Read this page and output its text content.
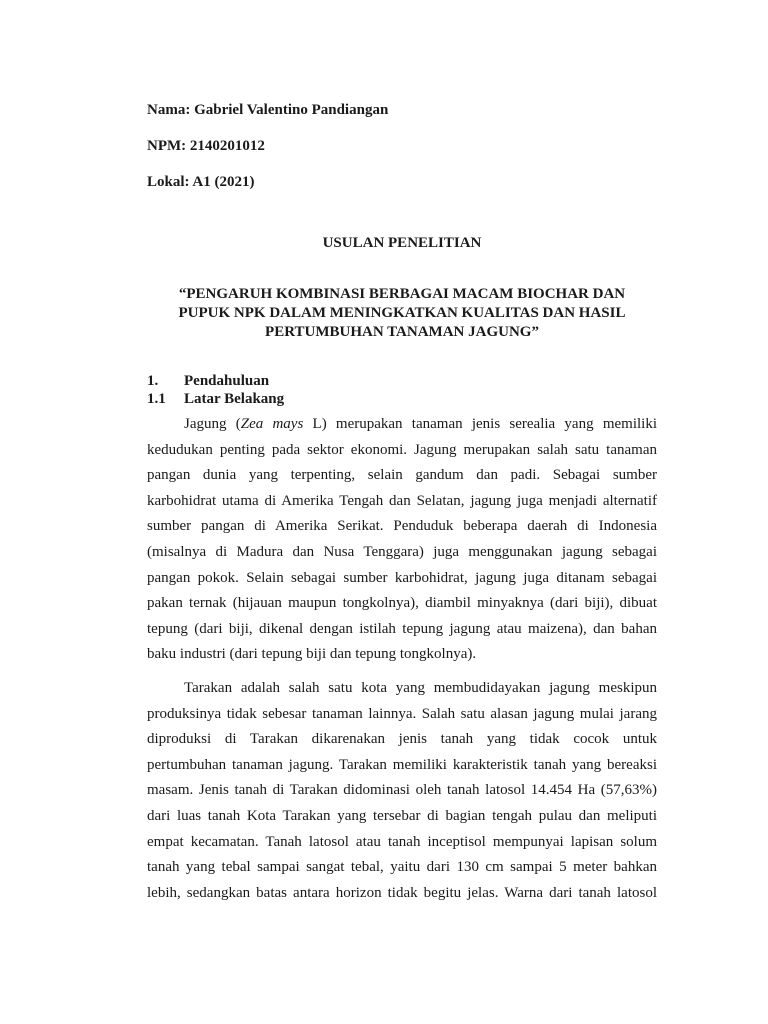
Nama: Gabriel Valentino Pandiangan
NPM: 2140201012
Lokal: A1 (2021)
USULAN PENELITIAN
“PENGARUH KOMBINASI BERBAGAI MACAM BIOCHAR DAN
PUPUK NPK DALAM MENINGKATKAN KUALITAS DAN HASIL
PERTUMBUHAN TANAMAN JAGUNG”
1. Pendahuluan
1.1 Latar Belakang
Jagung (Zea mays L) merupakan tanaman jenis serealia yang memiliki
kedudukan penting pada sektor ekonomi. Jagung merupakan salah satu tanaman
pangan dunia yang terpenting, selain gandum dan padi. Sebagai sumber
karbohidrat utama di Amerika Tengah dan Selatan, jagung juga menjadi alternatif
sumber pangan di Amerika Serikat. Penduduk beberapa daerah di Indonesia
(misalnya di Madura dan Nusa Tenggara) juga menggunakan jagung sebagai
pangan pokok. Selain sebagai sumber karbohidrat, jagung juga ditanam sebagai
pakan ternak (hijauan maupun tongkolnya), diambil minyaknya (dari biji), dibuat
tepung (dari biji, dikenal dengan istilah tepung jagung atau maizena), dan bahan
baku industri (dari tepung biji dan tepung tongkolnya).
Tarakan adalah salah satu kota yang membudidayakan jagung meskipun
produksinya tidak sebesar tanaman lainnya. Salah satu alasan jagung mulai jarang
diproduksi di Tarakan dikarenakan jenis tanah yang tidak cocok untuk
pertumbuhan tanaman jagung. Tarakan memiliki karakteristik tanah yang bereaksi
masam. Jenis tanah di Tarakan didominasi oleh tanah latosol 14.454 Ha (57,63%)
dari luas tanah Kota Tarakan yang tersebar di bagian tengah pulau dan meliputi
empat kecamatan. Tanah latosol atau tanah inceptisol mempunyai lapisan solum
tanah yang tebal sampai sangat tebal, yaitu dari 130 cm sampai 5 meter bahkan
lebih, sedangkan batas antara horizon tidak begitu jelas. Warna dari tanah latosol
